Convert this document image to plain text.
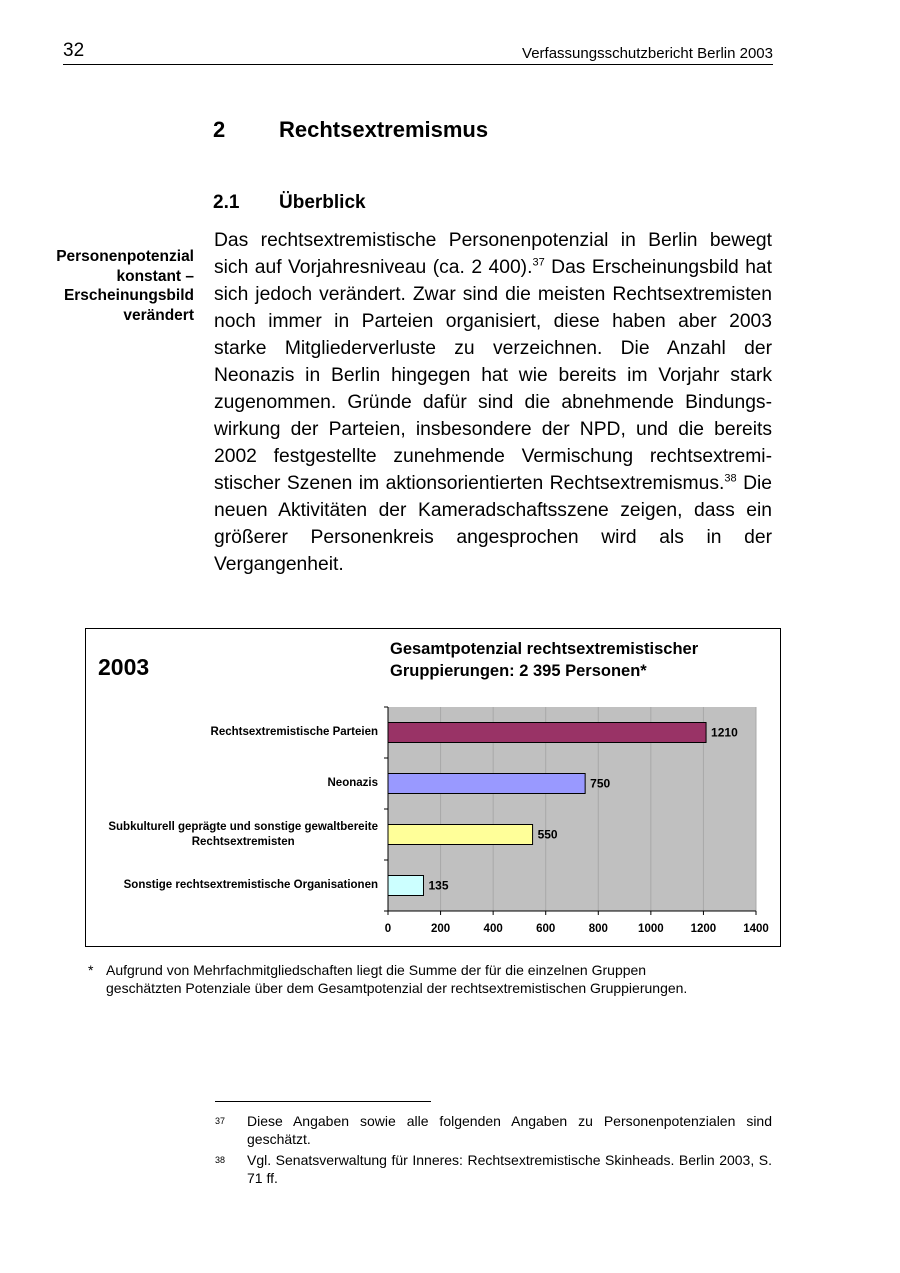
32	Verfassungsschutzbericht Berlin 2003
2 Rechtsextremismus
2.1 Überblick
Personenpotenzial
konstant –
Erscheinungsbild
verändert
Das rechtsextremistische Personenpotenzial in Berlin bewegt sich auf Vorjahresniveau (ca. 2 400).$^{37}$ Das Erscheinungsbild hat sich jedoch verändert. Zwar sind die meisten Rechtsextremisten noch immer in Parteien organisiert, diese haben aber 2003 starke Mitgliederverluste zu verzeichnen. Die Anzahl der Neonazis in Berlin hingegen hat wie bereits im Vorjahr stark zugenommen. Gründe dafür sind die abnehmende Bindungswirkung der Parteien, insbesondere der NPD, und die bereits 2002 festgestellte zunehmende Vermischung rechtsextremistischer Szenen im aktionsorientierten Rechtsextremismus.$^{38}$ Die neuen Aktivitäten der Kameradschaftsszene zeigen, dass ein größerer Personenkreis angesprochen wird als in der Vergangenheit.
2003
Gesamtpotenzial rechtsextremistischer
Gruppierungen: 2 395 Personen*
Rechtsextremistische Parteien
Neonazis
Subkulturell geprägte und sonstige gewaltbereite
Rechtsextremisten
Sonstige rechtsextremistische Organisationen
0	200	400	600	800	1000 1200 1400
1210
750
550
135
* Aufgrund von Mehrfachmitgliedschaften liegt die Summe der für die einzelnen Gruppen
geschätzten Potenziale über dem Gesamtpotenzial der rechtsextremistischen Gruppierungen.
37 Diese Angaben sowie alle folgenden Angaben zu Personenpotenzialen sind geschätzt.
38 Vgl. Senatsverwaltung für Inneres: Rechtsextremistische Skinheads. Berlin 2003, S. 71 ff.
